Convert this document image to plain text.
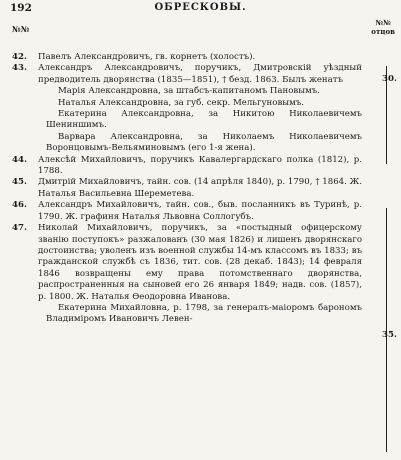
192	ОБРЕСКОВЫ.
№№
№№
отцов
42. Павелъ Александровичъ, гв. корнетъ (холостъ).
43. Александръ Александровичъ, поручикъ, Дмитровскій уѣздный предводитель дворянства (1835—1851), † безд. 1863. Былъ женатъ
Марія Александровна, за штабсъ-капитаномъ Пановымъ.
Наталья Александровна, за губ. секр. Мельгуновымъ.
Екатерина Александровна, за Никитою Николаевичемъ Шениншимъ.
Варвара Александровна, за Николаемъ Николаевичемъ Воронцовымъ-Вельяминовымъ (его 1-я жена).
44. Алексѣй Михайловичъ, поручикъ Кавалергардскаго полка (1812), р. 1788.
45. Дмитрій Михайловичъ, тайн. сов. (14 апрѣля 1840), р. 1790, † 1864. Ж. Наталья Васильевна Шереметева.
46. Александръ Михайловичъ, тайн. сов., быв. посланникъ въ Туринѣ, р. 1790. Ж. графиня Наталья Львовна Соллогубъ.
47. Николай Михайловичъ, поручикъ, за «постыдный офицерскому званію поступокъ» разжалованъ (30 мая 1826) и лишенъ дворянскаго достоинства; уволенъ изъ военной службы 14-мъ классомъ въ 1833; въ гражданской службѣ съ 1836, тит. сов. (28 декаб. 1843); 14 февраля 1846 возвращены ему права потомственнаго дворянства, распространенныя на сыновей его 26 января 1849; надв. сов. (1857), р. 1800. Ж. Наталья Ѳеодоровна Иванова.
Екатерина Михайловна, р. 1798, за генералъ-маіоромъ барономъ Владиміромъ Ивановичъ Левен-
30.
35.
